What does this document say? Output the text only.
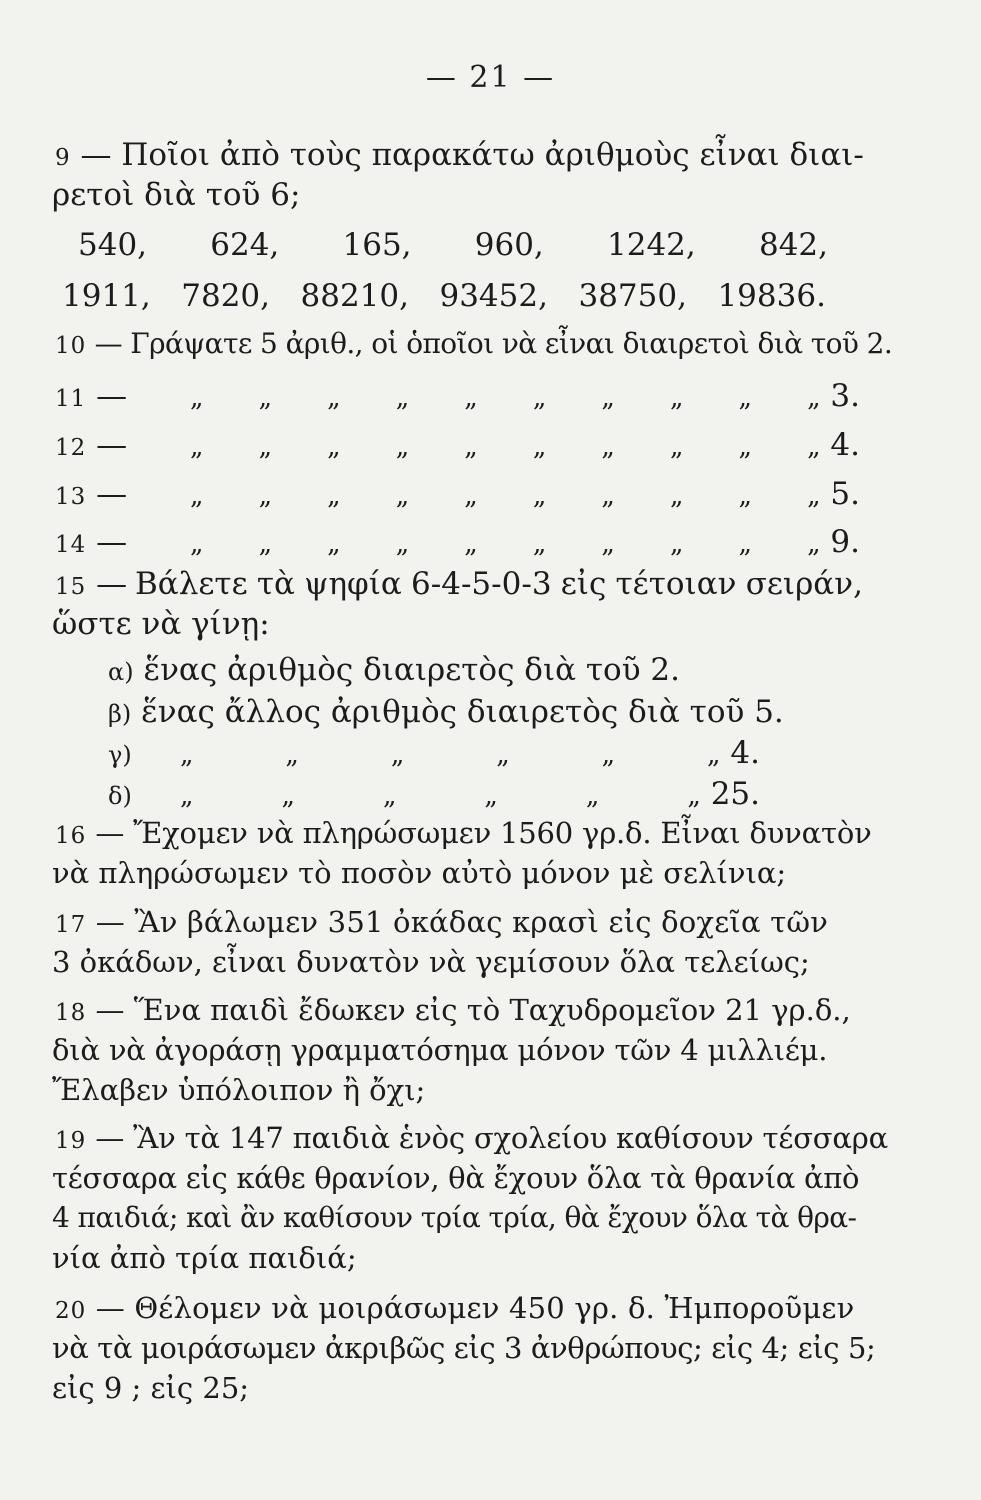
— 21 —
9 — Ποῖοι ἀπὸ τοὺς παρακάτω ἀριθμοὺς εἶναι διαι-
ρετοὶ διὰ τοῦ 6;
540, 624, 165, 960, 1242, 842,
1911, 7820, 88210, 93452, 38750, 19836.
10 — Γράψατε 5 ἀριθ., οἱ ὁποῖοι νὰ εἶναι διαιρετοὶ διὰ τοῦ 2.
11 — „ „ „ „ „ „ „ „ „ „ 3.
12 — „ „ „ „ „ „ „ „ „ „ 4.
13 — „ „ „ „ „ „ „ „ „ „ 5.
14 — „ „ „ „ „ „ „ „ „ „ 9.
15 — Βάλετε τὰ ψηφία 6-4-5-0-3 εἰς τέτοιαν σειράν,
ὥστε νὰ γίνῃ:
α) ἕνας ἀριθμὸς διαιρετὸς διὰ τοῦ 2.
β) ἕνας ἄλλος ἀριθμὸς διαιρετὸς διὰ τοῦ 5.
γ) „	„	„	„	„	„ 4.
δ) „	„	„	„	„	„ 25.
16 — Ἔχομεν νὰ πληρώσωμεν 1560 γρ.δ. Εἶναι δυνατὸν
νὰ πληρώσωμεν τὸ ποσὸν αὐτὸ μόνον μὲ σελίνια;
17 — Ἂν βάλωμεν 351 ὀκάδας κρασὶ εἰς δοχεῖα τῶν
3 ὀκάδων, εἶναι δυνατὸν νὰ γεμίσουν ὅλα τελείως;
18 — Ἕνα παιδὶ ἔδωκεν εἰς τὸ Ταχυδρομεῖον 21 γρ.δ.,
διὰ νὰ ἀγοράσῃ γραμματόσημα μόνον τῶν 4 μιλλιέμ.
Ἔλαβεν ὑπόλοιπον ἢ ὄχι;
19 — Ἂν τὰ 147 παιδιὰ ἑνὸς σχολείου καθίσουν τέσσαρα
τέσσαρα εἰς κάθε θρανίον, θὰ ἔχουν ὅλα τὰ θρανία ἀπὸ
4 παιδιά; καὶ ἂν καθίσουν τρία τρία, θὰ ἔχουν ὅλα τὰ θρα-
νία ἀπὸ τρία παιδιά;
20 — Θέλομεν νὰ μοιράσωμεν 450 γρ. δ. Ἠμποροῦμεν
νὰ τὰ μοιράσωμεν ἀκριβῶς εἰς 3 ἀνθρώπους; εἰς 4; εἰς 5;
εἰς 9 ; εἰς 25;
